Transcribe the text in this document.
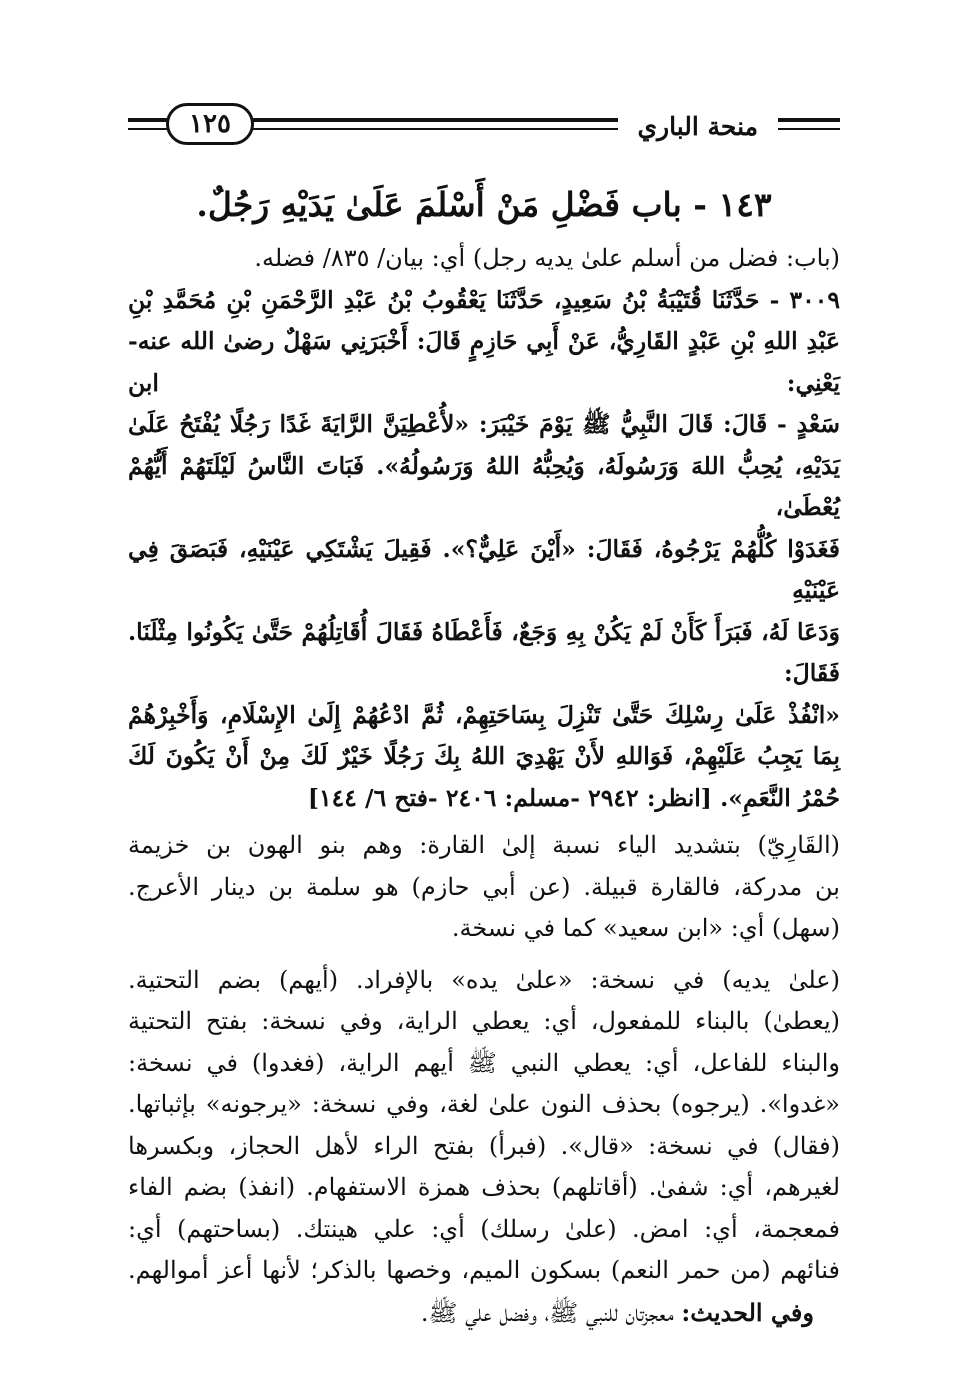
منحة الباري
١٢٥
١٤٣ - باب فَضْلِ مَنْ أَسْلَمَ عَلَىٰ يَدَيْهِ رَجُلٌ.

(باب: فضل من أسلم علىٰ يديه رجل) أي: بيان/ ٨٣٥/ فضله.

٣٠٠٩ - حَدَّثَنَا قُتَيْبَةُ بْنُ سَعِيدٍ، حَدَّثَنَا يَعْقُوبُ بْنُ عَبْدِ الرَّحْمَنِ بْنِ مُحَمَّدِ بْنِ

عَبْدِ اللهِ بْنِ عَبْدٍ القَارِيُّ، عَنْ أَبِي حَازِمٍ قَالَ: أَخْبَرَنِي سَهْلٌ رضىٰ الله عنه- يَعْنِي: ابن

سَعْدٍ - قَالَ: قَالَ النَّبِيُّ ﷺ يَوْمَ خَيْبَرَ: «لأُعْطِيَنَّ الرَّايَةَ غَدًا رَجُلًا يُفْتَحُ عَلَىٰ

يَدَيْهِ، يُحِبُّ اللهَ وَرَسُولَهُ، وَيُحِبُّهُ اللهُ وَرَسُولُهُ». فَبَاتَ النَّاسُ لَيْلَتَهُمْ أَيُّهُمْ يُعْطَىٰ،

فَغَدَوْا كُلُّهُمْ يَرْجُوهُ، فَقَالَ: «أَيْنَ عَلِيٌّ؟». فَقِيلَ يَشْتَكِي عَيْنَيْهِ، فَبَصَقَ فِي عَيْنَيْهِ

وَدَعَا لَهُ، فَبَرَأَ كَأَنْ لَمْ يَكُنْ بِهِ وَجَعٌ، فَأَعْطَاهُ فَقَالَ أُقَاتِلُهُمْ حَتَّىٰ يَكُونُوا مِثْلَنَا. فَقَالَ:

«انْفُذْ عَلَىٰ رِسْلِكَ حَتَّىٰ تَنْزِلَ بِسَاحَتِهِمْ، ثُمَّ ادْعُهُمْ إِلَىٰ الإِسْلَامِ، وَأَخْبِرْهُمْ

بِمَا يَجِبُ عَلَيْهِمْ، فَوَاللهِ لأَنْ يَهْدِيَ اللهُ بِكَ رَجُلًا خَيْرٌ لَكَ مِنْ أَنْ يَكُونَ لَكَ

حُمْرُ النَّعَمِ». [انظر: ٢٩٤٢ -مسلم: ٢٤٠٦ -فتح ٦/ ١٤٤]

(القَارِيّ) بتشديد الياء نسبة إلىٰ القارة: وهم بنو الهون بن خزيمة

بن مدركة، فالقارة قبيلة. (عن أبي حازم) هو سلمة بن دينار الأعرج.

(سهل) أي: «ابن سعيد» كما في نسخة.

(علىٰ يديه) في نسخة: «علىٰ يده» بالإفراد. (أيهم) بضم التحتية.

(يعطىٰ) بالبناء للمفعول، أي: يعطي الراية، وفي نسخة: بفتح التحتية

والبناء للفاعل، أي: يعطي النبي ﷺ أيهم الراية، (فغدوا) في نسخة:

«غدوا». (يرجوه) بحذف النون علىٰ لغة، وفي نسخة: «يرجونه» بإثباتها.

(فقال) في نسخة: «قال». (فبرأ) بفتح الراء لأهل الحجاز، وبكسرها

لغيرهم، أي: شفىٰ. (أقاتلهم) بحذف همزة الاستفهام. (انفذ) بضم الفاء

فمعجمة، أي: امض. (علىٰ رسلك) أي: علي هينتك. (بساحتهم) أي:

فنائهم (من حمر النعم) بسكون الميم، وخصها بالذكر؛ لأنها أعز أموالهم.

وفي الحديث: معجزتان للنبي ﷺ، وفضل علي ﷺ.
